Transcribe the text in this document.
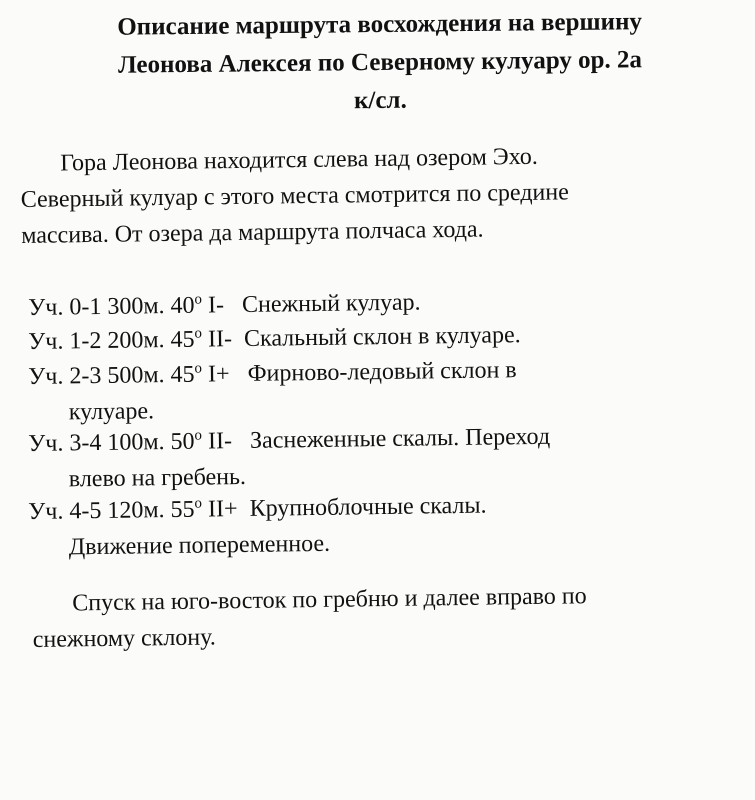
Описание маршрута восхождения на вершину
Леонова Алексея по Северному кулуару ор. 2а
к/сл.
Гора Леонова находится слева над озером Эхо.
Северный кулуар с этого места смотрится по средине
массива. От озера да маршрута полчаса хода.
Уч. 0-1 300м. 40$^o$ I- Снежный кулуар.
Уч. 1-2 200м. 45$^o$ II- Скальный склон в кулуаре.
Уч. 2-3 500м. 45$^o$ I+ Фирново-ледовый склон в
кулуаре.
Уч. 3-4 100м. 50$^o$ II- Заснеженные скалы. Переход
влево на гребень.
Уч. 4-5 120м. 55$^o$ II+ Крупноблочные скалы.
Движение попеременное.
Спуск на юго-восток по гребню и далее вправо по
снежному склону.
